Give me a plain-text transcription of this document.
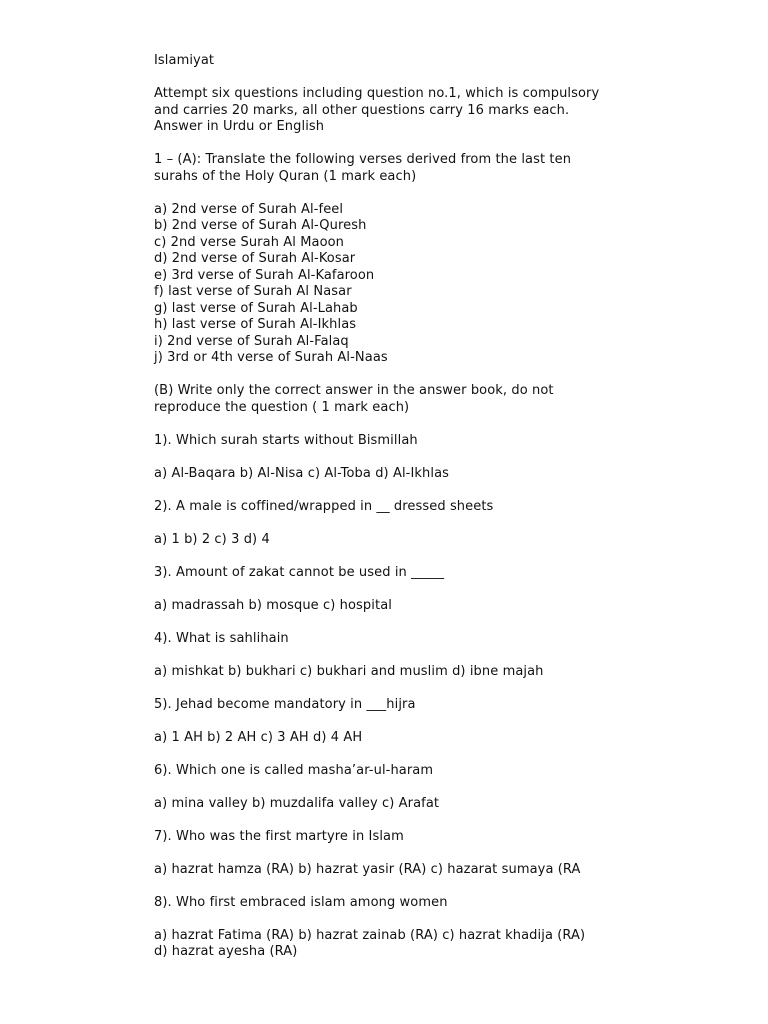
Islamiyat
Attempt six questions including question no.1, which is compulsory
and carries 20 marks, all other questions carry 16 marks each.
Answer in Urdu or English
1 – (A): Translate the following verses derived from the last ten
surahs of the Holy Quran (1 mark each)
a) 2nd verse of Surah Al-feel
b) 2nd verse of Surah Al-Quresh
c) 2nd verse Surah Al Maoon
d) 2nd verse of Surah Al-Kosar
e) 3rd verse of Surah Al-Kafaroon
f) last verse of Surah Al Nasar
g) last verse of Surah Al-Lahab
h) last verse of Surah Al-Ikhlas
i) 2nd verse of Surah Al-Falaq
j) 3rd or 4th verse of Surah Al-Naas
(B) Write only the correct answer in the answer book, do not
reproduce the question ( 1 mark each)
1). Which surah starts without Bismillah
a) Al-Baqara b) Al-Nisa c) Al-Toba d) Al-Ikhlas
2). A male is coffined/wrapped in __ dressed sheets
a) 1 b) 2 c) 3 d) 4
3). Amount of zakat cannot be used in _____
a) madrassah b) mosque c) hospital
4). What is sahlihain
a) mishkat b) bukhari c) bukhari and muslim d) ibne majah
5). Jehad become mandatory in ___hijra
a) 1 AH b) 2 AH c) 3 AH d) 4 AH
6). Which one is called masha’ar-ul-haram
a) mina valley b) muzdalifa valley c) Arafat
7). Who was the first martyre in Islam
a) hazrat hamza (RA) b) hazrat yasir (RA) c) hazarat sumaya (RA
8). Who first embraced islam among women
a) hazrat Fatima (RA) b) hazrat zainab (RA) c) hazrat khadija (RA)
d) hazrat ayesha (RA)
